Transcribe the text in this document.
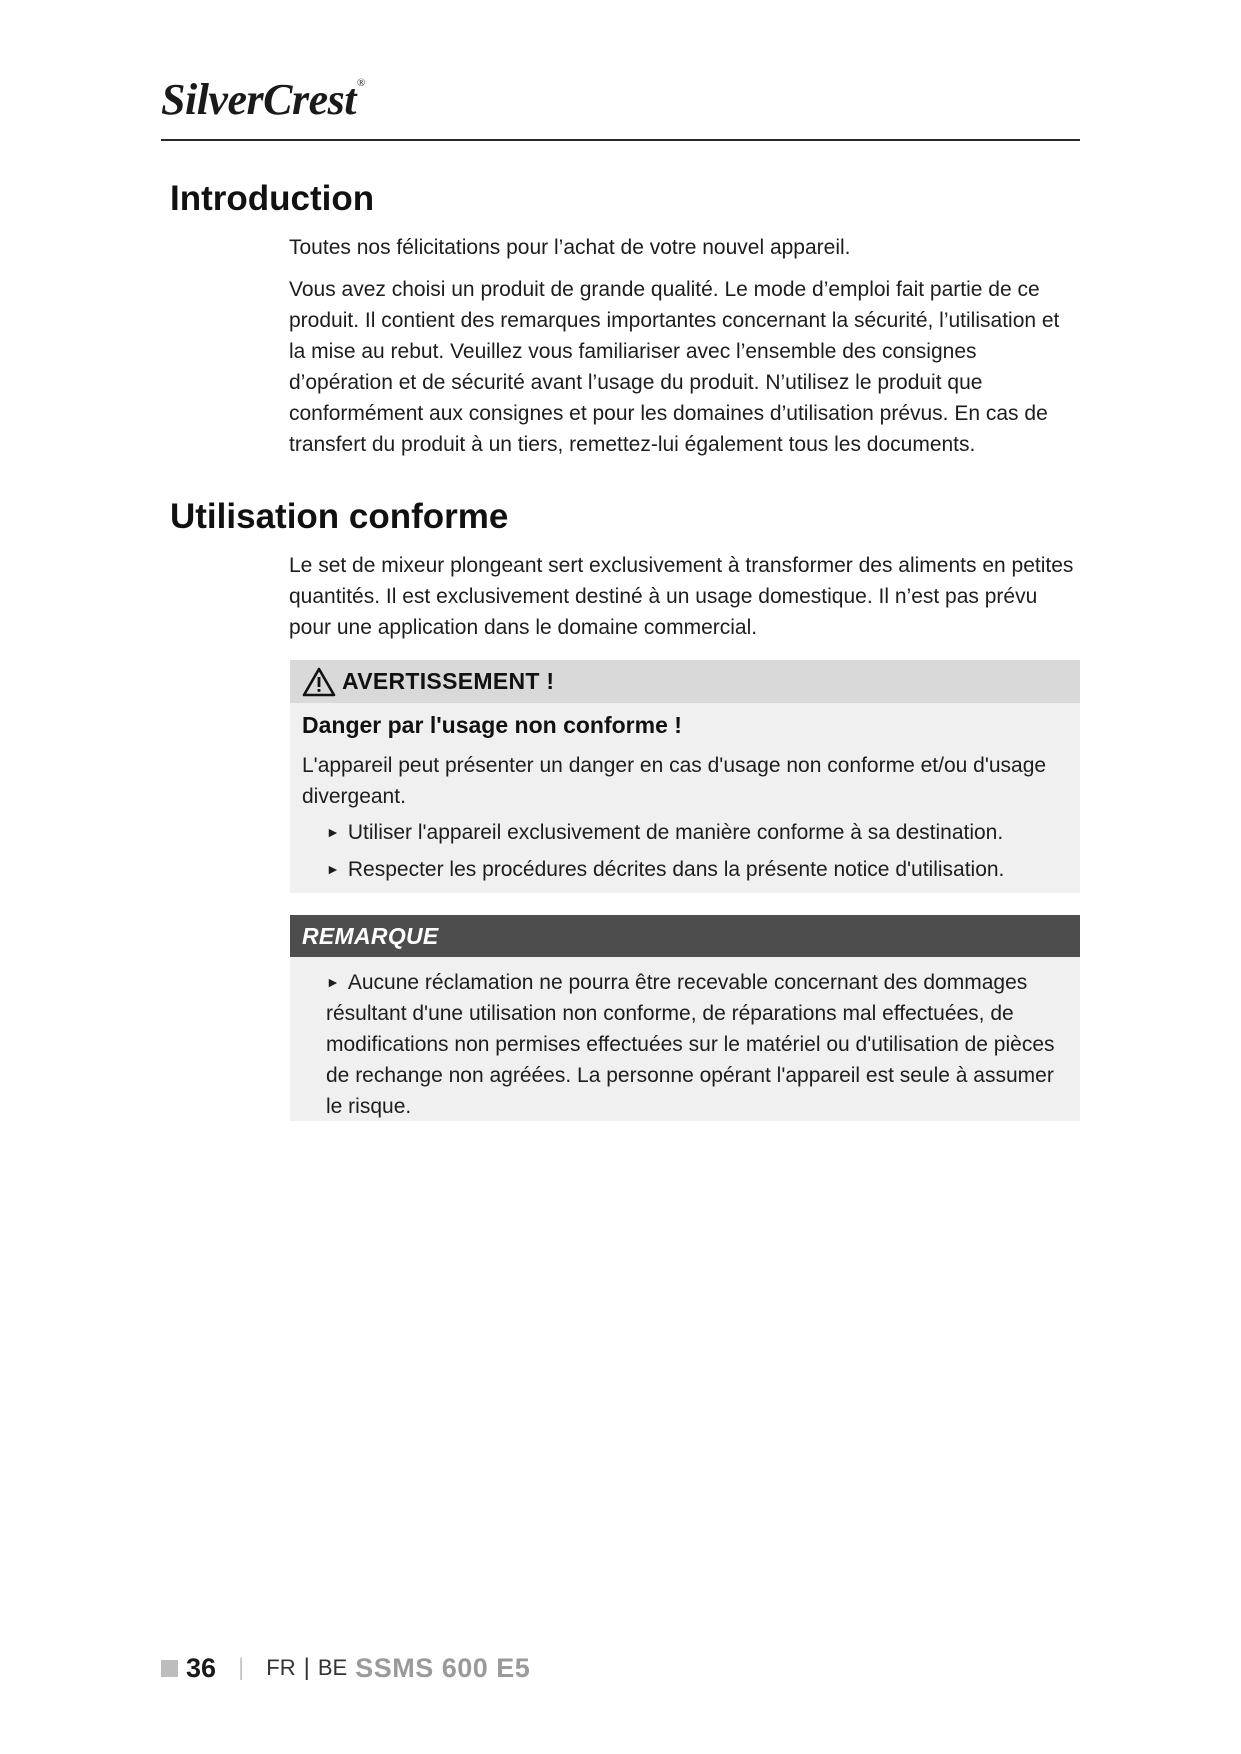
SilverCrest®
Introduction

Toutes nos félicitations pour l’achat de votre nouvel appareil.

Vous avez choisi un produit de grande qualité. Le mode d’emploi fait partie de ce produit. Il contient des remarques importantes concernant la sécurité, l’utilisation et la mise au rebut. Veuillez vous familiariser avec l’ensemble des consignes d’opération et de sécurité avant l’usage du produit. N’utilisez le produit que conformément aux consignes et pour les domaines d’utilisation prévus. En cas de transfert du produit à un tiers, remettez-lui également tous les documents.

Utilisation conforme

Le set de mixeur plongeant sert exclusivement à transformer des aliments en petites quantités. Il est exclusivement destiné à un usage domestique. Il n’est pas prévu pour une application dans le domaine commercial.

AVERTISSEMENT !
Danger par l'usage non conforme !

L'appareil peut présenter un danger en cas d'usage non conforme et/ou d'usage divergeant.

► Utiliser l'appareil exclusivement de manière conforme à sa destination.
► Respecter les procédures décrites dans la présente notice d'utilisation.
REMARQUE
► Aucune réclamation ne pourra être recevable concernant des dommages résultant d'une utilisation non conforme, de réparations mal effectuées, de modifications non permises effectuées sur le matériel ou d'utilisation de pièces de rechange non agréées. La personne opérant l'appareil est seule à assumer le risque.
36 | FR | BE SSMS 600 E5
